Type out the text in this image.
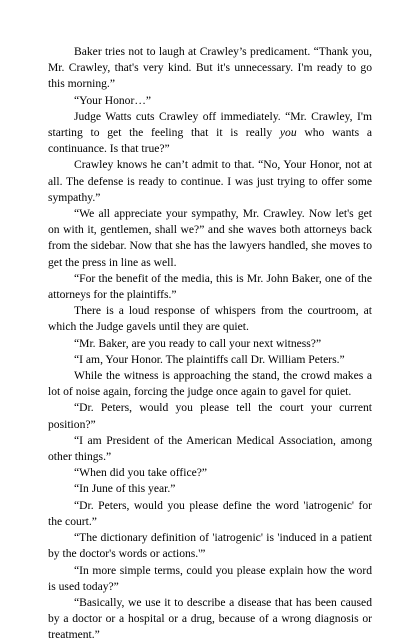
Baker tries not to laugh at Crawley’s predicament. “Thank you, Mr. Crawley, that's very kind. But it's unnecessary. I'm ready to go this morning.”

“Your Honor…”

Judge Watts cuts Crawley off immediately. “Mr. Crawley, I'm starting to get the feeling that it is really you who wants a continuance. Is that true?”

Crawley knows he can’t admit to that. “No, Your Honor, not at all. The defense is ready to continue. I was just trying to offer some sympathy.”

“We all appreciate your sympathy, Mr. Crawley. Now let's get on with it, gentlemen, shall we?” and she waves both attorneys back from the sidebar. Now that she has the lawyers handled, she moves to get the press in line as well.

“For the benefit of the media, this is Mr. John Baker, one of the attorneys for the plaintiffs.”

There is a loud response of whispers from the courtroom, at which the Judge gavels until they are quiet.

“Mr. Baker, are you ready to call your next witness?”

“I am, Your Honor. The plaintiffs call Dr. William Peters.”

While the witness is approaching the stand, the crowd makes a lot of noise again, forcing the judge once again to gavel for quiet.

“Dr. Peters, would you please tell the court your current position?”

“I am President of the American Medical Association, among other things.”

“When did you take office?”

“In June of this year.”

“Dr. Peters, would you please define the word 'iatrogenic' for the court.”

“The dictionary definition of 'iatrogenic' is 'induced in a patient by the doctor's words or actions.'”

“In more simple terms, could you please explain how the word is used today?”

“Basically, we use it to describe a disease that has been caused by a doctor or a hospital or a drug, because of a wrong diagnosis or treatment.”
